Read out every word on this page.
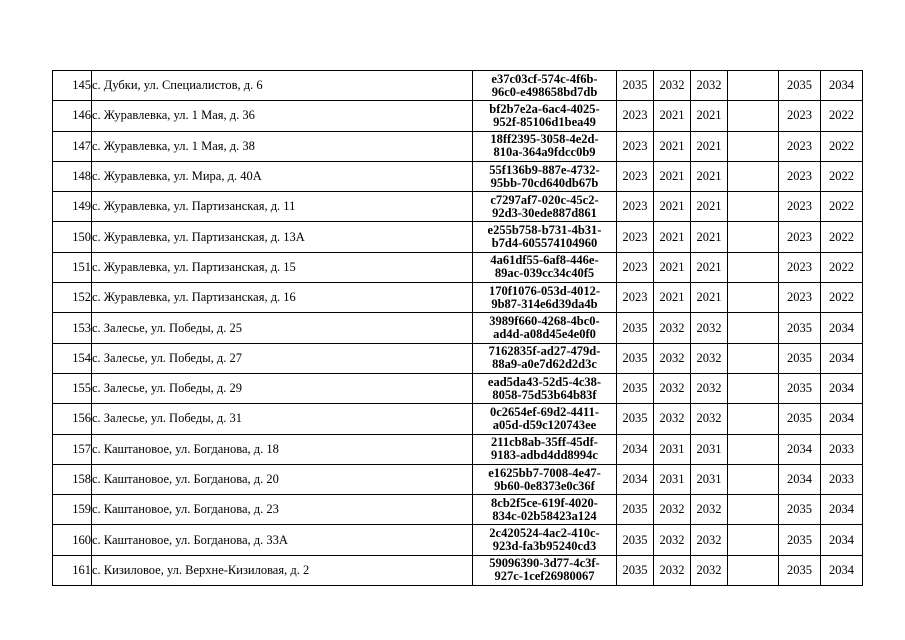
145	с. Дубки, ул. Специалистов, д. 6	e37c03cf-574c-4f6b-
96c0-e498658bd7db	2035	2032	2032		2035	2034
146	с. Журавлевка, ул. 1 Мая, д. 36	bf2b7e2a-6ac4-4025-
952f-85106d1bea49	2023	2021	2021		2023	2022
147	с. Журавлевка, ул. 1 Мая, д. 38	18ff2395-3058-4e2d-
810a-364a9fdcc0b9	2023	2021	2021		2023	2022
148	с. Журавлевка, ул. Мира, д. 40А	55f136b9-887e-4732-
95bb-70cd640db67b	2023	2021	2021		2023	2022
149	с. Журавлевка, ул. Партизанская, д. 11	c7297af7-020c-45c2-
92d3-30ede887d861	2023	2021	2021		2023	2022
150	с. Журавлевка, ул. Партизанская, д. 13А	e255b758-b731-4b31-
b7d4-605574104960	2023	2021	2021		2023	2022
151	с. Журавлевка, ул. Партизанская, д. 15	4a61df55-6af8-446e-
89ac-039cc34c40f5	2023	2021	2021		2023	2022
152	с. Журавлевка, ул. Партизанская, д. 16	170f1076-053d-4012-
9b87-314e6d39da4b	2023	2021	2021		2023	2022
153	с. Залесье, ул. Победы, д. 25	3989f660-4268-4bc0-
ad4d-a08d45e4e0f0	2035	2032	2032		2035	2034
154	с. Залесье, ул. Победы, д. 27	7162835f-ad27-479d-
88a9-a0e7d62d2d3c	2035	2032	2032		2035	2034
155	с. Залесье, ул. Победы, д. 29	ead5da43-52d5-4c38-
8058-75d53b64b83f	2035	2032	2032		2035	2034
156	с. Залесье, ул. Победы, д. 31	0c2654ef-69d2-4411-
a05d-d59c120743ee	2035	2032	2032		2035	2034
157	с. Каштановое, ул. Богданова, д. 18	211cb8ab-35ff-45df-
9183-adbd4dd8994c	2034	2031	2031		2034	2033
158	с. Каштановое, ул. Богданова, д. 20	e1625bb7-7008-4e47-
9b60-0e8373e0c36f	2034	2031	2031		2034	2033
159	с. Каштановое, ул. Богданова, д. 23	8cb2f5ce-619f-4020-
834c-02b58423a124	2035	2032	2032		2035	2034
160	с. Каштановое, ул. Богданова, д. 33А	2c420524-4ac2-410c-
923d-fa3b95240cd3	2035	2032	2032		2035	2034
161	с. Кизиловое, ул. Верхне-Кизиловая, д. 2	59096390-3d77-4c3f-
927c-1cef26980067	2035	2032	2032		2035	2034
